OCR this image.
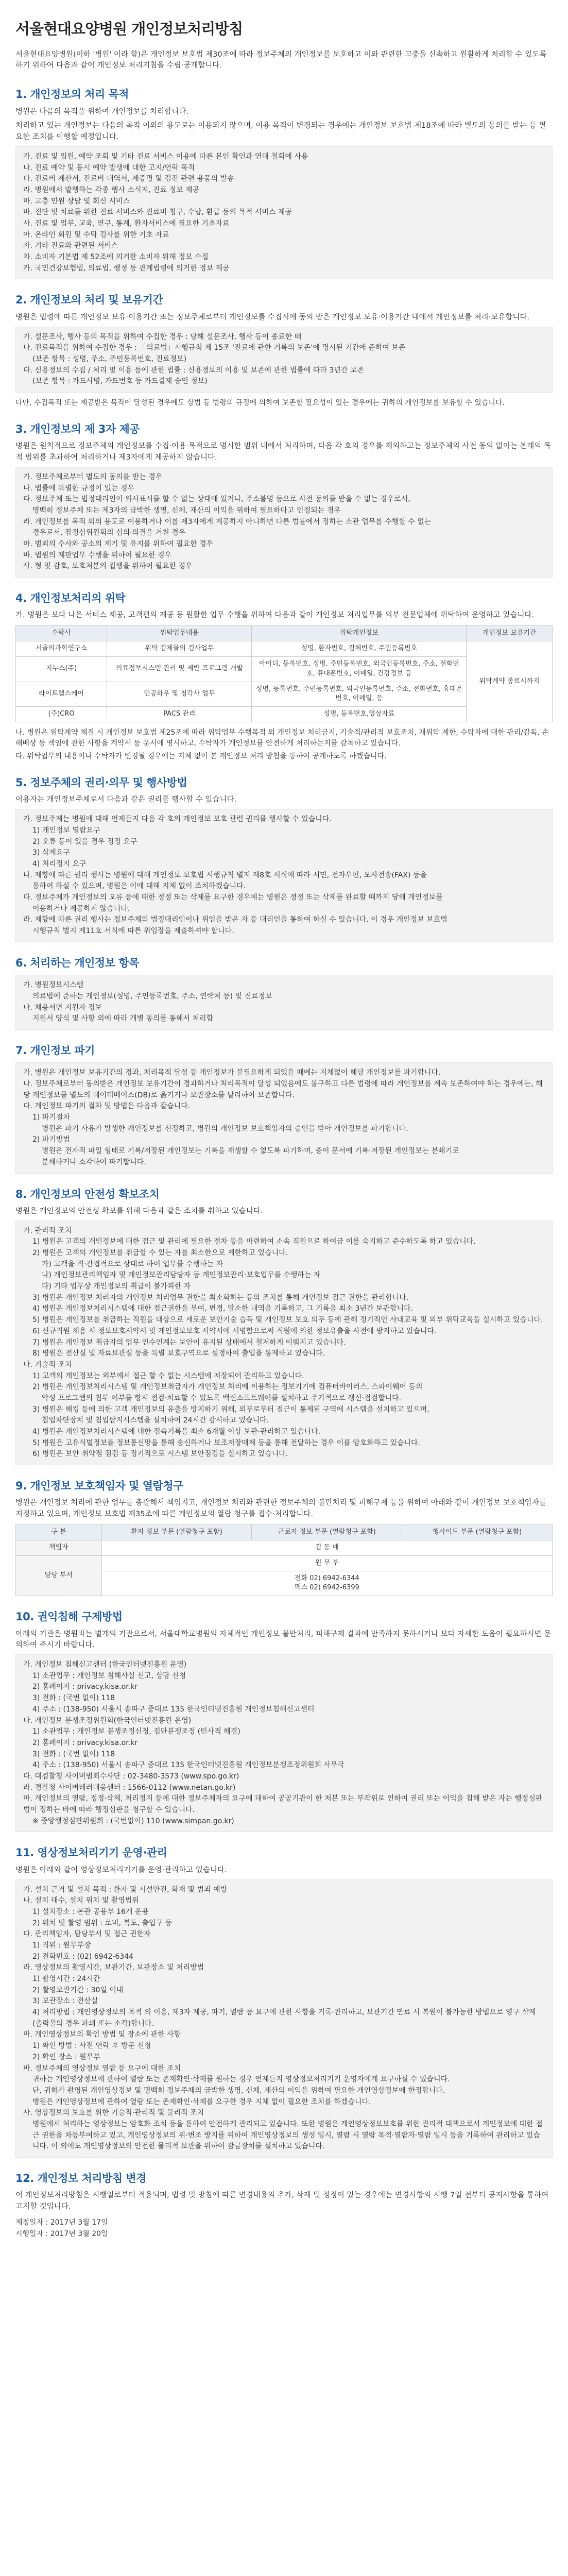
서울현대요양병원 개인정보처리방침

서울현대요양병원(이하 '병원' 이라 함)은 개인정보 보호법 제30조에 따라 정보주체의 개인정보를 보호하고 이와 관련한 고충을 신속하고 원활하게 처리할 수 있도록 하기 위하여 다음과 같이 개인정보 처리지침을 수립·공개합니다.

1. 개인정보의 처리 목적

병원은 다음의 목적을 위하여 개인정보를 처리합니다.

처리하고 있는 개인정보는 다음의 목적 이외의 용도로는 이용되지 않으며, 이용 목적이 변경되는 경우에는 개인정보 보호법 제18조에 따라 별도의 동의를 받는 등 필요한 조치를 이행할 예정입니다.

가. 진료 및 입원, 예약 조회 및 기타 진료 서비스 이용에 따른 본인 확인과 연대 철회에 사용
나. 진료 예약 및 동시 예약 발생에 대한 고지/연락 목적
다. 진료비 계산서, 진료비 내역서, 제증명 및 검진 관련 용품의 발송
라. 병원에서 발행하는 각종 행사 소식지, 진료 정보 제공
마. 고충 민원 상담 및 회신 서비스
바. 진단 및 치료를 위한 진료 서비스와 진료비 청구, 수납, 환급 등의 목적 서비스 제공
사. 진료 및 업무, 교육, 연구, 통계, 환자서비스에 필요한 기초자료
아. 온라인 회원 및 수탁 검사를 위한 기초 자료
자. 기타 진료와 관련된 서비스
차. 소비자 기본법 제 52조에 의거한 소비자 위해 정보 수집
카. 국민건강보험법, 의료법, 행정 등 관계법령에 의거한 정보 제공
2. 개인정보의 처리 및 보유기간

병원은 법령에 따른 개인정보 보유·이용기간 또는 정보주체로부터 개인정보를 수집시에 동의 받은 개인정보 보유·이용기간 내에서 개인정보를 처리·보유합니다.

가. 설문조사, 행사 등의 목적을 위하여 수집한 경우 : 당해 설문조사, 행사 등이 종료한 때
나. 진료목적을 위하여 수집한 경우 : 「의료법」시행규칙 제 15조 '진료에 관한 기록의 보존'에 명시된 기간에 준하여 보존
(보존 항목 : 성명, 주소, 주민등록번호, 진료정보)
다. 신용정보의 수집 / 처리 및 이용 등에 관한 법률 : 신용정보의 이용 및 보존에 관한 법률에 따라 3년간 보존
(보존 항목 : 카드사명, 카드번호 등 카드결제 승인 정보)

다만, 수집목적 또는 제공받은 목적이 달성된 경우에도 상법 등 법령의 규정에 의하여 보존할 필요성이 있는 경우에는 귀하의 개인정보를 보유할 수 있습니다.

3. 개인정보의 제 3자 제공

병원은 원칙적으로 정보주체의 개인정보를 수집·이용 목적으로 명시한 범위 내에서 처리하며, 다음 각 호의 경우를 제외하고는 정보주체의 사전 동의 없이는 본래의 목적 범위를 초과하여 처리하거나 제3자에게 제공하지 않습니다.

가. 정보주체로부터 별도의 동의를 받는 경우
나. 법률에 특별한 규정이 있는 경우
다. 정보주체 또는 법정대리인이 의사표시를 할 수 없는 상태에 있거나, 주소불명 등으로 사전 동의를 받을 수 없는 경우로서,
명백히 정보주체 또는 제3자의 급박한 생명, 신체, 재산의 이익을 위하여 필요하다고 인정되는 경우
라. 개인정보를 목적 외의 용도로 이용하거나 이를 제3자에게 제공하지 아니하면 다른 법률에서 정하는 소관 업무를 수행할 수 없는
경우로서, 잠정심위원회의 심의·의결을 거친 경우
마. 범죄의 수사와 공소의 제기 및 유지를 위하여 필요한 경우
바. 법원의 재판업무 수행을 위하여 필요한 경우
사. 형 및 감호, 보호처분의 집행을 위하여 필요한 경우
4. 개인정보처리의 위탁

가. 병원은 보다 나은 서비스 제공, 고객편의 제공 등 원활한 업무 수행을 위하여 다음과 같이 개인정보 처리업무를 외부 전문업체에 위탁하여 운영하고 있습니다.

수탁사	위탁업무내용	위탁개인정보	개인정보 보유기간
서울의과학연구소	위탁 검체물의 검사업무	성명, 환자번호, 검체번호, 주민등록번호	위탁계약 종료시까지
지누스(주)	의료정보시스템 관리 및 제반 프로그램 개발	아이디, 등록번호, 성명, 주민등록번호, 외국인등록번호, 주소, 전화번호, 휴대폰번호, 이메일, 건강정보 등	
라이트헬스케어	인공와우 및 청각사 업무	성명, 등록번호, 주민등록번호, 외국인등록번호, 주소, 전화번호, 휴대폰번호, 이메일, 등	
(주)CRO	PACS 관리	성명, 등록번호,영상자료	

나. 병원은 위탁계약 체결 시 개인정보 보호법 제25조에 따라 위탁업무 수행목적 외 개인정보 처리금지, 기술적/관리적 보호조치, 재위탁 제한, 수탁자에 대한 관리/감독, 손해배상 등 책임에 관한 사항을 계약서 등 문서에 명시하고, 수탁자가 개인정보를 안전하게 처리하는지를 감독하고 있습니다.

다. 위탁업무의 내용이나 수탁자가 변경될 경우에는 지체 없이 본 개인정보 처리 방침을 통하여 공개하도록 하겠습니다.

5. 정보주체의 권리·의무 및 행사방법

이용자는 개인정보주체로서 다음과 같은 권리를 행사할 수 있습니다.

가. 정보주체는 병원에 대해 언제든지 다음 각 호의 개인정보 보호 관련 권리를 행사할 수 있습니다.
1) 개인정보 열람요구
2) 오류 등이 있을 경우 정정 요구
3) 삭제요구
4) 처리정지 요구
나. 제항에 따른 권리 행사는 병원에 대해 개인정보 보호법 시행규칙 별지 제8호 서식에 따라 서면, 전자우편, 모사전송(FAX) 등을
통하여 하실 수 있으며, 병원은 이에 대해 지체 없이 조치하겠습니다.
다. 정보주체가 개인정보의 오류 등에 대한 정정 또는 삭제를 요구한 경우에는 병원은 정정 또는 삭제를 완료할 때까지 당해 개인정보를
이용하거나 제공하지 않습니다.
라. 제항에 따른 권리 행사는 정보주체의 법정대리인이나 위임을 받은 자 등 대리인을 통하여 하실 수 있습니다. 이 경우 개인정보 보호법
시행규칙 별지 제11호 서식에 따른 위임장을 제출하셔야 합니다.
6. 처리하는 개인정보 항목
가. 병원정보시스템
의료법에 준하는 개인정보(성명, 주민등록번호, 주소, 연락처 등) 및 진료정보
나. 채용서면 지원자 정보
지원서 양식 및 사항 외에 따라 개별 동의를 통해서 처리함
7. 개인정보 파기
가. 병원은 개인정보 보유기간의 경과, 처리목적 달성 등 개인정보가 불필요하게 되었을 때에는 지체없이 해당 개인정보를 파기합니다.
나. 정보주체로부터 동의받은 개인정보 보유기간이 경과하거나 처리목적이 달성 되었음에도 불구하고 다른 법령에 따라 개인정보를 계속 보존하여야 하는 경우에는, 해당 개인정보를 별도의 데이터베이스(DB)로 옮기거나 보관장소를 달리하여 보존합니다.
다. 개인정보 파기의 절차 및 방법은 다음과 같습니다.
1) 파기절차
병원은 파기 사유가 발생한 개인정보를 선정하고, 병원의 개인정보 보호책임자의 승인을 받아 개인정보를 파기합니다.
2) 파기방법
병원은 전자적 파일 형태로 기록/저장된 개인정보는 기록을 재생할 수 없도록 파기하며, 종이 문서에 기록·저장된 개인정보는 분쇄기로
분쇄하거나 소각하여 파기합니다.
8. 개인정보의 안전성 확보조치

병원은 개인정보의 안전성 확보를 위해 다음과 같은 조치를 취하고 있습니다.

가. 관리적 조치
1) 병원은 고객의 개인정보에 대한 접근 및 관리에 필요한 절차 등을 마련하여 소속 직원으로 하여금 이를 숙지하고 준수하도록 하고 있습니다.
2) 병원은 고객의 개인정보를 취급할 수 있는 자를 최소한으로 제한하고 있습니다.
가) 고객을 직·간접적으로 상대로 하여 업무를 수행하는 자
나) 개인정보관리책임자 및 개인정보관리담당자 등 개인정보관리·보호업무를 수행하는 자
다) 기타 업무상 개인정보의 취급이 불가피한 자
3) 병원은 개인정보 처리자의 개인정보 처리업무 권한을 최소화하는 등의 조치를 통해 개인정보 접근 권한을 관리합니다.
4) 병원은 개인정보처리시스템에 대한 접근권한을 부여, 변경, 말소한 내역을 기록하고, 그 기록을 최소 3년간 보관합니다.
5) 병원은 개인정보를 취급하는 직원을 대상으로 새로운 보안기술 습득 및 개인정보 보호 의무 등에 관해 정기적인 사내교육 및 외부 위탁교육을 실시하고 있습니다.
6) 신규직원 채용 시 정보보호서약서 및 개인정보보호 서약서에 서명함으로써 직원에 의한 정보유출을 사전에 방지하고 있습니다.
7) 병원은 개인정보 취급자의 업무 인수인계는 보안이 유지된 상태에서 철저하게 이뤄지고 있습니다.
8) 병원은 전산실 및 자료보관실 등을 특별 보호구역으로 설정하여 출입을 통제하고 있습니다.
나. 기술적 조치
1) 고객의 개인정보는 외부에서 접근 할 수 없는 시스템에 저장되어 관리하고 있습니다.
2) 병원은 개인정보처리시스템 및 개인정보취급자가 개인정보 처리에 이용하는 정보기기에 컴퓨터바이러스, 스파이웨어 등의
악성 프로그램의 침투 여부를 항시 점검·치료할 수 있도록 백신소프트웨어를 설치하고 주기적으로 갱신·점검합니다.
3) 병원은 해킹 등에 의한 고객 개인정보의 유출을 방지하기 위해, 외부로부터 접근이 통제된 구역에 시스템을 설치하고 있으며,
침입차단장치 및 침입탐지시스템을 설치하여 24시간 감시하고 있습니다.
4) 병원은 개인정보처리시스템에 대한 접속기록을 최소 6개월 이상 보관·관리하고 있습니다.
5) 병원은 고유식별정보를 정보통신망을 통해 송신하거나 보조저장매체 등을 통해 전달하는 경우 이를 암호화하고 있습니다.
6) 병원은 보안 취약점 점검 등 정기적으로 시스템 보안점검을 실시하고 있습니다.
9. 개인정보 보호책임자 및 열람청구

병원은 개인정보 처리에 관한 업무를 총괄해서 책임지고, 개인정보 처리와 관련한 정보주체의 불만처리 및 피해구제 등을 위하여 아래와 같이 개인정보 보호책임자를 지정하고 있으며, 개인정보 보호법 제35조에 따른 개인정보의 열람 청구를 접수·처리합니다.

구 분	환자 정보 부문 (열람청구 포함)	근로자 정보 부문 (열람청구 포함)	행사이드 부문 (열람청구 포함)
책임자	김 동 배		
담당 부서	원 무 부		

	전화 02) 6942-6344
팩스 02) 6942-6399		
10. 권익침해 구제방법

아래의 기관은 병원과는 별개의 기관으로서, 서울대학교병원의 자체적인 개인정보 불만처리, 피해구제 결과에 만족하지 못하시거나 보다 자세한 도움이 필요하시면 문의하여 주시기 바랍니다.

가. 개인정보 침해신고센터 (한국인터넷진흥원 운영)
1) 소관업무 : 개인정보 침해사실 신고, 상담 신청
2) 홈페이지 : privacy.kisa.or.kr
3) 전화 : (국번 없이) 118
4) 주소 : (138-950) 서울시 송파구 중대로 135 한국인터넷진흥원 개인정보침해신고센터
나. 개인정보 분쟁조정위원회(한국인터넷진흥원 운영)
1) 소관업무 : 개인정보 분쟁조정신청, 집단분쟁조정 (민사적 해결)
2) 홈페이지 : privacy.kisa.or.kr
3) 전화 : (국번 없이) 118
4) 주소 : (138-950) 서울시 송파구 중대로 135 한국인터넷진흥원 개인정보분쟁조정위원회 사무국
다. 대검찰청 사이버범죄수사단 : 02-3480-3573 (www.spo.go.kr)
라. 경찰청 사이버테러대응센터 : 1566-0112 (www.netan.go.kr)
마. 개인정보의 열람, 정정·삭제, 처리정지 등에 대한 정보주체자의 요구에 대하여 공공기관이 한 처분 또는 부작위로 인하여 권리 또는 이익을 침해 받은 자는 행정심판법이 정하는 바에 따라 행정심판을 청구할 수 있습니다.
※ 중앙행정심판위원회 : (국번없이) 110 (www.simpan.go.kr)
11. 영상정보처리기기 운영·관리

병원은 아래와 같이 영상정보처리기기를 운영·관리하고 있습니다.

가. 설치 근거 및 설치 목적 : 환자 및 시설안전, 화재 및 범죄 예방
나. 설치 대수, 설치 위치 및 촬영범위
1) 설치장소 : 본관 공용부 16개 운용
2) 위치 및 촬영 범위 : 로비, 복도, 출입구 등
다. 관리책임자, 담당부서 및 접근 권한자
1) 직위 : 원무부장
2) 전화번호 : (02) 6942-6344
라. 영상정보의 촬영시간, 보관기간, 보관장소 및 처리방법
1) 촬영시간 : 24시간
2) 촬영보관기간 : 30일 이내
3) 보관장소 : 전산실
4) 처리방법 : 개인영상정보의 목적 외 이용, 제3자 제공, 파기, 열람 등 요구에 관한 사항을 기록·관리하고, 보관기간 만료 시 복원이 불가능한 방법으로 영구 삭제(출력물의 경우 파쇄 또는 소각)합니다.
마. 개인영상정보의 확인 방법 및 장소에 관한 사항
1) 확인 방법 : 사전 연락 후 방문 신청
2) 확인 장소 : 원무부
바. 정보주체의 영상정보 열람 등 요구에 대한 조치
귀하는 개인영상정보에 관하여 열람 또는 존재확인·삭제를 원하는 경우 언제든지 영상정보처리기기 운영자에게 요구하실 수 있습니다.
단, 귀하가 촬영된 개인영상정보 및 명백히 정보주체의 급박한 생명, 신체, 재산의 이익을 위하여 필요한 개인영상정보에 한정합니다.
병원은 개인영상정보에 관하여 열람 또는 존재확인·삭제를 요구한 경우 지체 없이 필요한 조치를 하겠습니다.
사. 영상정보의 보호를 위한 기술적·관리적 및 물리적 조치
병원에서 처리하는 영상정보는 암호화 조치 등을 통하여 안전하게 관리되고 있습니다. 또한 병원은 개인영상정보보호를 위한 관리적 대책으로서 개인정보에 대한 접근 권한을 차등부여하고 있고, 개인영상정보의 위·변조 방지를 위하여 개인영상정보의 생성 일시, 열람 시 열람 목적·열람자·열람 일시 등을 기록하여 관리하고 있습니다. 이 외에도 개인영상정보의 안전한 물리적 보관을 위하여 잠금장치를 설치하고 있습니다.
12. 개인정보 처리방침 변경

이 개인정보처리방침은 시행일로부터 적용되며, 법령 및 방침에 따른 변경내용의 추가, 삭제 및 정정이 있는 경우에는 변경사항의 시행 7일 전부터 공지사항을 통하여 고지할 것입니다.

제정일자 : 2017년 3월 17일
시행일자 : 2017년 3월 20일
